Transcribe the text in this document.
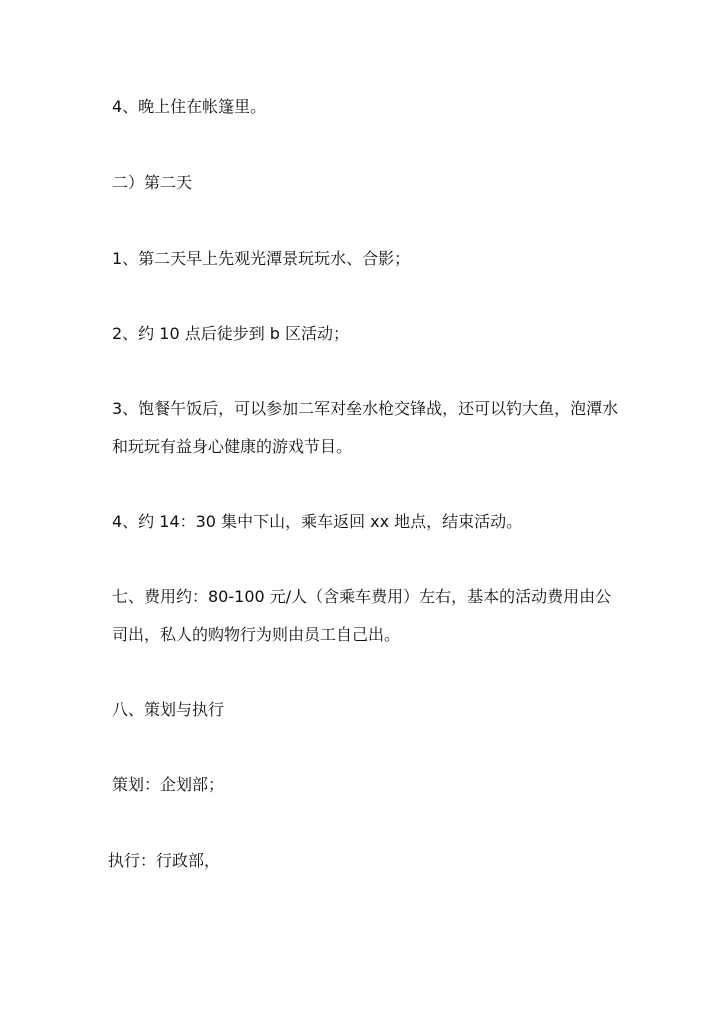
4、晚上住在帐篷里。
二）第二天
1、第二天早上先观光潭景玩玩水、合影；
2、约 10 点后徒步到 b 区活动；
3、饱餐午饭后，可以参加二军对垒水枪交锋战，还可以钓大鱼，泡潭水和玩玩有益身心健康的游戏节目。
4、约 14：30 集中下山，乘车返回 xx 地点，结束活动。
七、费用约：80-100 元/人（含乘车费用）左右，基本的活动费用由公司出，私人的购物行为则由员工自己出。
八、策划与执行
策划：企划部；
执行：行政部，
